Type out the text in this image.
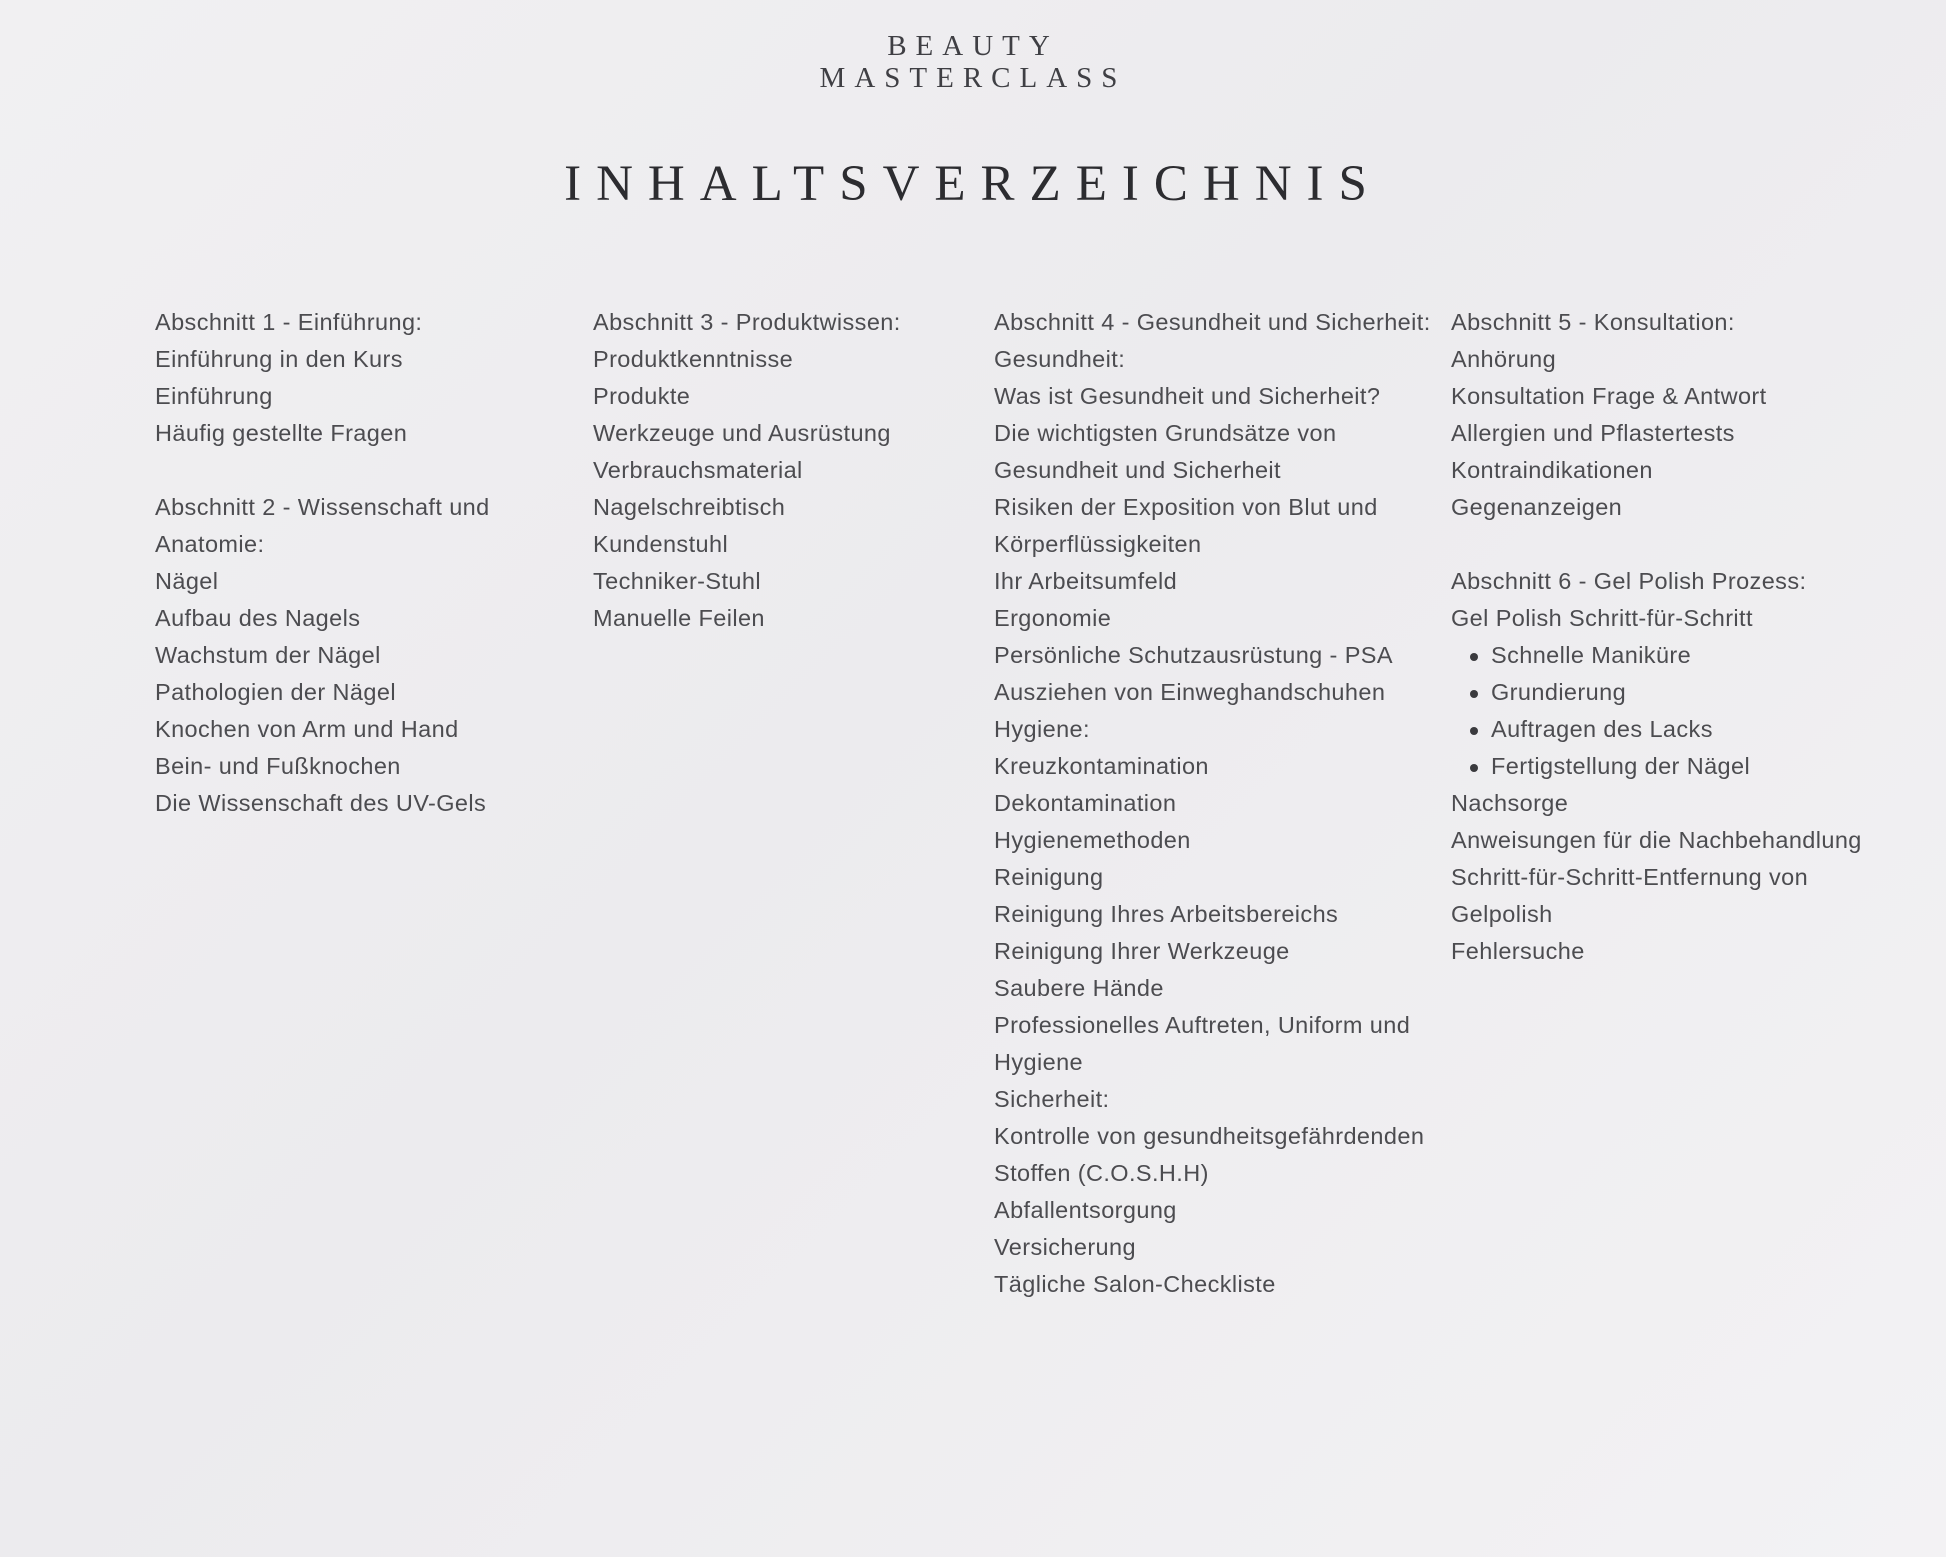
BEAUTY
MASTERCLASS
INHALTSVERZEICHNIS
Abschnitt 1 - Einführung:
Einführung in den Kurs
Einführung
Häufig gestellte Fragen
Abschnitt 2 - Wissenschaft und Anatomie:
Nägel
Aufbau des Nagels
Wachstum der Nägel
Pathologien der Nägel
Knochen von Arm und Hand
Bein- und Fußknochen
Die Wissenschaft des UV-Gels
Abschnitt 3 - Produktwissen:
Produktkenntnisse
Produkte
Werkzeuge und Ausrüstung
Verbrauchsmaterial
Nagelschreibtisch
Kundenstuhl
Techniker-Stuhl
Manuelle Feilen
Abschnitt 4 - Gesundheit und Sicherheit:
Gesundheit:
Was ist Gesundheit und Sicherheit?
Die wichtigsten Grundsätze von Gesundheit und Sicherheit
Risiken der Exposition von Blut und Körperflüssigkeiten
Ihr Arbeitsumfeld
Ergonomie
Persönliche Schutzausrüstung - PSA
Ausziehen von Einweghandschuhen
Hygiene:
Kreuzkontamination
Dekontamination
Hygienemethoden
Reinigung
Reinigung Ihres Arbeitsbereichs
Reinigung Ihrer Werkzeuge
Saubere Hände
Professionelles Auftreten, Uniform und Hygiene
Sicherheit:
Kontrolle von gesundheitsgefährdenden Stoffen (C.O.S.H.H)
Abfallentsorgung
Versicherung
Tägliche Salon-Checkliste
Abschnitt 5 - Konsultation:
Anhörung
Konsultation Frage & Antwort
Allergien und Pflastertests
Kontraindikationen
Gegenanzeigen
Abschnitt 6 - Gel Polish Prozess:
Gel Polish Schritt-für-Schritt
Schnelle Maniküre
Grundierung
Auftragen des Lacks
Fertigstellung der Nägel
Nachsorge
Anweisungen für die Nachbehandlung
Schritt-für-Schritt-Entfernung von Gelpolish
Fehlersuche
